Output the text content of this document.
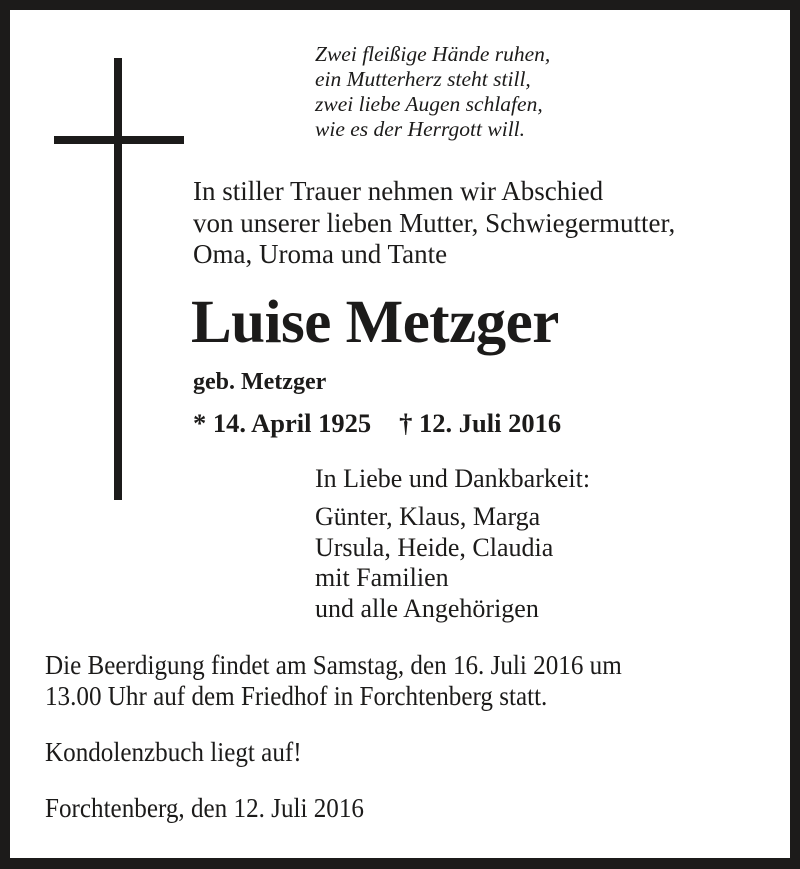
Zwei fleißige Hände ruhen,
ein Mutterherz steht still,
zwei liebe Augen schlafen,
wie es der Herrgott will.
In stiller Trauer nehmen wir Abschied
von unserer lieben Mutter, Schwiegermutter,
Oma, Uroma und Tante
Luise Metzger
geb. Metzger
* 14. April 1925 † 12. Juli 2016
In Liebe und Dankbarkeit:
Günter, Klaus, Marga
Ursula, Heide, Claudia
mit Familien
und alle Angehörigen
Die Beerdigung findet am Samstag, den 16. Juli 2016 um
13.00 Uhr auf dem Friedhof in Forchtenberg statt.
Kondolenzbuch liegt auf!
Forchtenberg, den 12. Juli 2016
